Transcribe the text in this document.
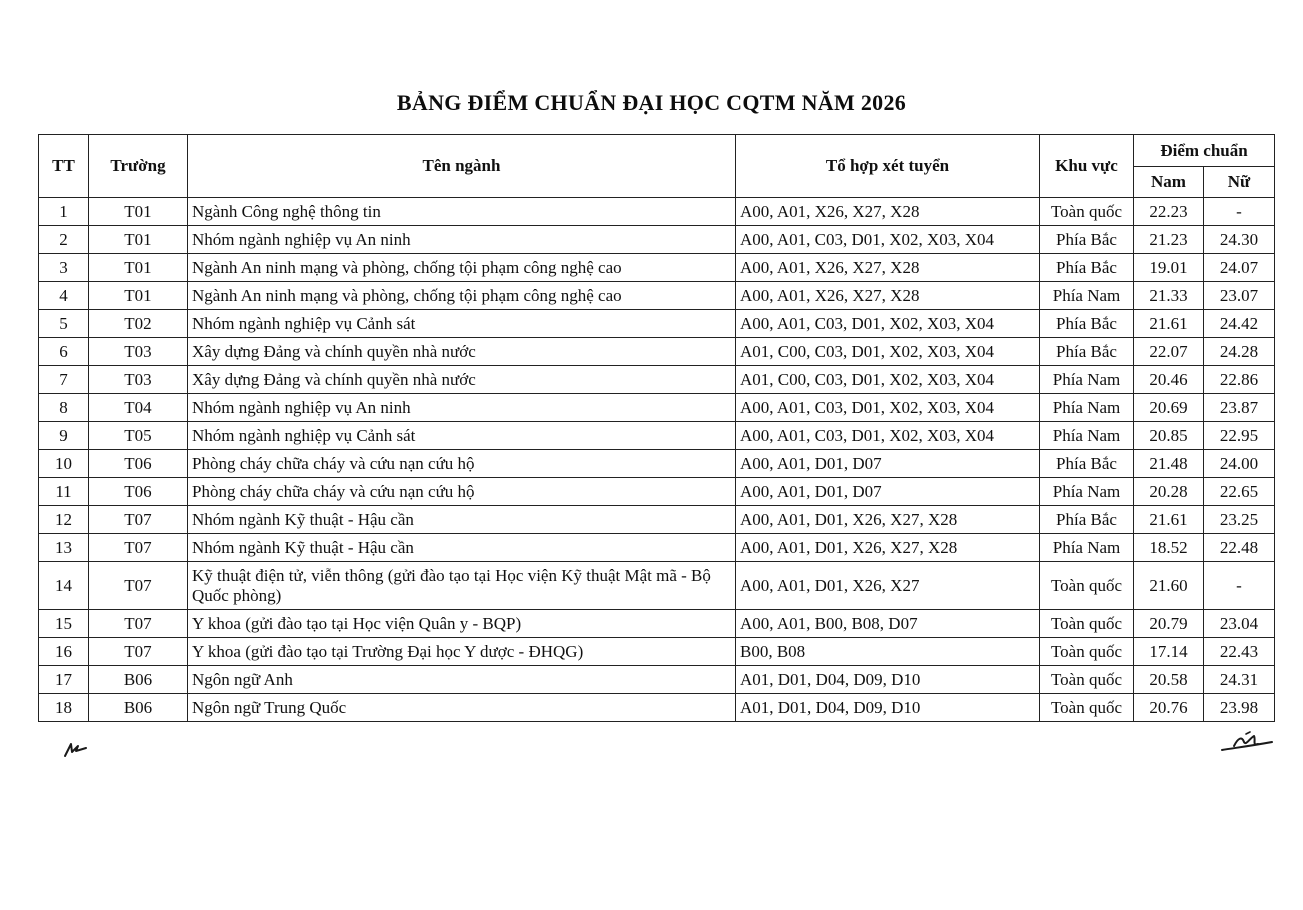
BẢNG ĐIỂM CHUẨN ĐẠI HỌC CQTM NĂM 2026
TT	Trường	Tên ngành	Tổ hợp xét tuyển	Khu vực	Điểm chuẩn	
					Nam	Nữ
1	T01	Ngành Công nghệ thông tin	A00, A01, X26, X27, X28	Toàn quốc	22.23	-
2	T01	Nhóm ngành nghiệp vụ An ninh	A00, A01, C03, D01, X02, X03, X04	Phía Bắc	21.23	24.30
3	T01	Ngành An ninh mạng và phòng, chống tội phạm công nghệ cao	A00, A01, X26, X27, X28	Phía Bắc	19.01	24.07
4	T01	Ngành An ninh mạng và phòng, chống tội phạm công nghệ cao	A00, A01, X26, X27, X28	Phía Nam	21.33	23.07
5	T02	Nhóm ngành nghiệp vụ Cảnh sát	A00, A01, C03, D01, X02, X03, X04	Phía Bắc	21.61	24.42
6	T03	Xây dựng Đảng và chính quyền nhà nước	A01, C00, C03, D01, X02, X03, X04	Phía Bắc	22.07	24.28
7	T03	Xây dựng Đảng và chính quyền nhà nước	A01, C00, C03, D01, X02, X03, X04	Phía Nam	20.46	22.86
8	T04	Nhóm ngành nghiệp vụ An ninh	A00, A01, C03, D01, X02, X03, X04	Phía Nam	20.69	23.87
9	T05	Nhóm ngành nghiệp vụ Cảnh sát	A00, A01, C03, D01, X02, X03, X04	Phía Nam	20.85	22.95
10	T06	Phòng cháy chữa cháy và cứu nạn cứu hộ	A00, A01, D01, D07	Phía Bắc	21.48	24.00
11	T06	Phòng cháy chữa cháy và cứu nạn cứu hộ	A00, A01, D01, D07	Phía Nam	20.28	22.65
12	T07	Nhóm ngành Kỹ thuật - Hậu cần	A00, A01, D01, X26, X27, X28	Phía Bắc	21.61	23.25
13	T07	Nhóm ngành Kỹ thuật - Hậu cần	A00, A01, D01, X26, X27, X28	Phía Nam	18.52	22.48
14	T07	Kỹ thuật điện tử, viễn thông (gửi đào tạo tại Học viện Kỹ thuật Mật mã - Bộ Quốc phòng)	A00, A01, D01, X26, X27	Toàn quốc	21.60	-
15	T07	Y khoa (gửi đào tạo tại Học viện Quân y - BQP)	A00, A01, B00, B08, D07	Toàn quốc	20.79	23.04
16	T07	Y khoa (gửi đào tạo tại Trường Đại học Y dược - ĐHQG)	B00, B08	Toàn quốc	17.14	22.43
17	B06	Ngôn ngữ Anh	A01, D01, D04, D09, D10	Toàn quốc	20.58	24.31
18	B06	Ngôn ngữ Trung Quốc	A01, D01, D04, D09, D10	Toàn quốc	20.76	23.98
